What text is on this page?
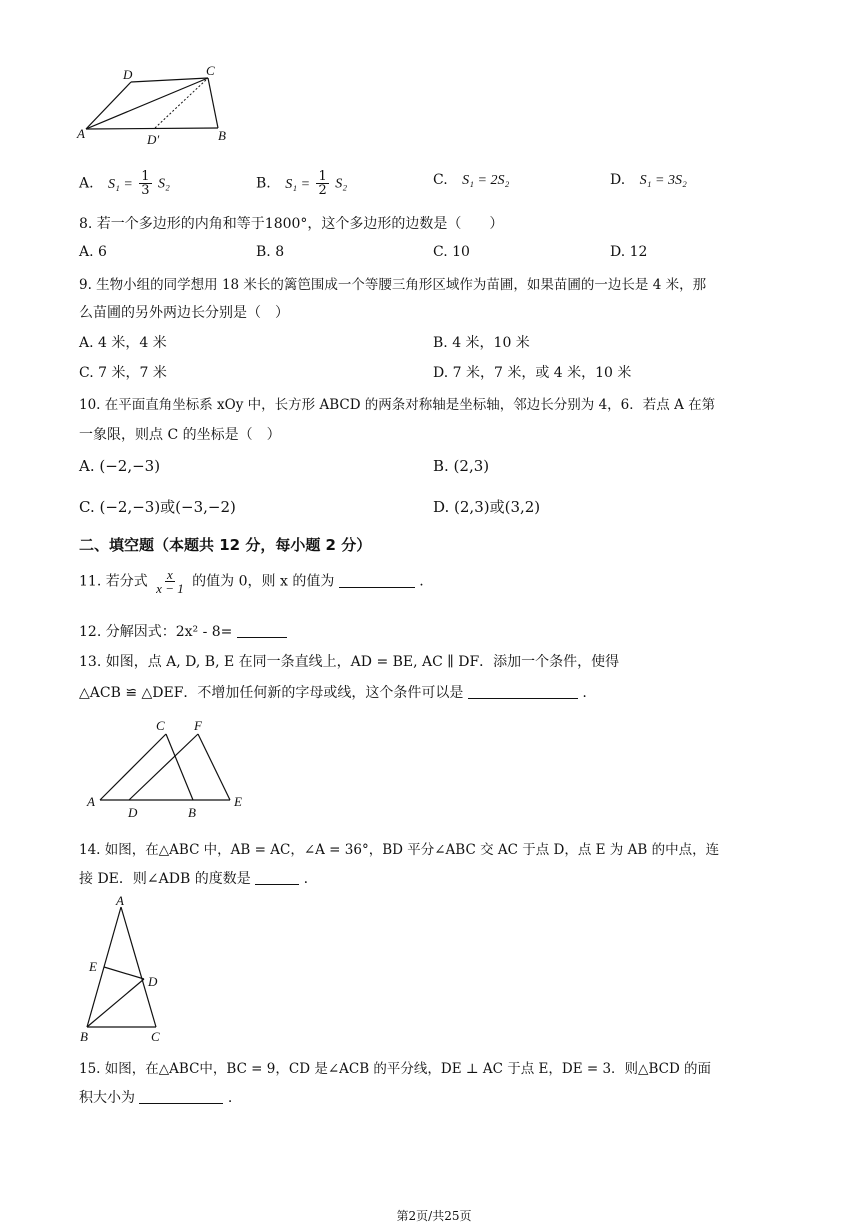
D	C
A	D′	B
A. $S_1 = \frac{1}{3} S_2$	B. $S_1 = \frac{1}{2} S_2$	C. S₁ = 2S₂	D. S₁ = 3S₂
8. 若一个多边形的内角和等于1800°，这个多边形的边数是（　　）
A. 6	B. 8	C. 10	D. 12
9. 生物小组的同学想用 18 米长的篱笆围成一个等腰三角形区域作为苗圃，如果苗圃的一边长是 4 米，那
么苗圃的另外两边长分别是（　）
A. 4 米，4 米	B. 4 米，10 米
C. 7 米，7 米	D. 7 米，7 米，或 4 米，10 米
10. 在平面直角坐标系 xOy 中，长方形 ABCD 的两条对称轴是坐标轴，邻边长分别为 4，6．若点 A 在第
一象限，则点 C 的坐标是（　）
A. (−2,−3)	B. (2,3)
C. (−2,−3)或(−3,−2)	D. (2,3)或(3,2)
二、填空题（本题共 12 分，每小题 2 分）
11. 若分式 $\frac{x}{x - 1}$ 的值为 0，则 x 的值为	.
12. 分解因式：2x² - 8=
13. 如图，点 A, D, B, E 在同一条直线上，AD = BE, AC ∥ DF．添加一个条件，使得
△ACB ≌ △DEF．不增加任何新的字母或线，这个条件可以是	.
C F
A
D	B
E
14. 如图，在△ABC 中，AB = AC，∠A = 36°，BD 平分∠ABC 交 AC 于点 D，点 E 为 AB 的中点，连
接 DE．则∠ADB 的度数是	.
A
E
D
B	C
15. 如图，在△ABC中，BC = 9，CD 是∠ACB 的平分线，DE ⊥ AC 于点 E，DE = 3．则△BCD 的面
积大小为	.
第2页/共25页
